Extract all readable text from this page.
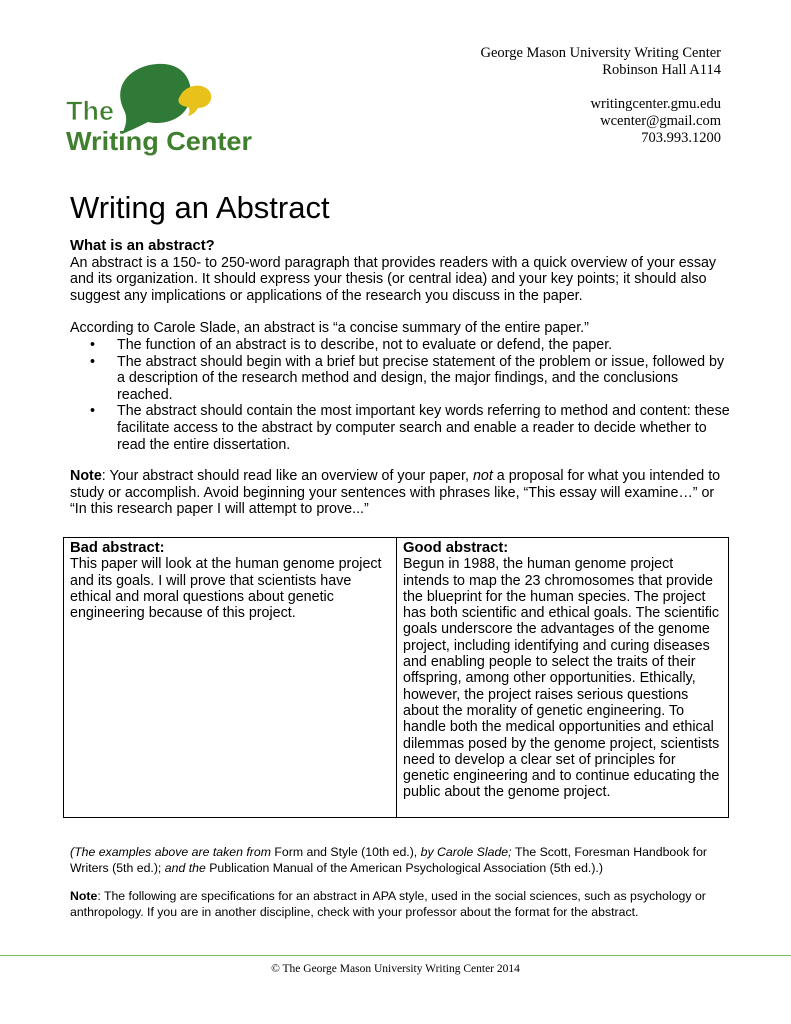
The
Writing Center
George Mason University Writing Center
Robinson Hall A114
writingcenter.gmu.edu
wcenter@gmail.com
703.993.1200
Writing an Abstract

What is an abstract?

An abstract is a 150- to 250-word paragraph that provides readers with a quick overview of your essay and its organization. It should express your thesis (or central idea) and your key points; it should also suggest any implications or applications of the research you discuss in the paper.

According to Carole Slade, an abstract is “a concise summary of the entire paper.”

• The function of an abstract is to describe, not to evaluate or defend, the paper.
• The abstract should begin with a brief but precise statement of the problem or issue, followed by a description of the research method and design, the major findings, and the conclusions reached.
• The abstract should contain the most important key words referring to method and content: these facilitate access to the abstract by computer search and enable a reader to decide whether to read the entire dissertation.

Note: Your abstract should read like an overview of your paper, not a proposal for what you intended to study or accomplish. Avoid beginning your sentences with phrases like, “This essay will examine…” or “In this research paper I will attempt to prove...”

Bad abstract:
This paper will look at the human genome project and its goals. I will prove that scientists have ethical and moral questions about genetic engineering because of this project.

Good abstract:
Begun in 1988, the human genome project intends to map the 23 chromosomes that provide the blueprint for the human species. The project has both scientific and ethical goals. The scientific goals underscore the advantages of the genome project, including identifying and curing diseases and enabling people to select the traits of their offspring, among other opportunities. Ethically, however, the project raises serious questions about the morality of genetic engineering. To handle both the medical opportunities and ethical dilemmas posed by the genome project, scientists need to develop a clear set of principles for genetic engineering and to continue educating the public about the genome project.

(The examples above are taken from Form and Style (10th ed.), by Carole Slade; The Scott, Foresman Handbook for Writers (5th ed.); and the Publication Manual of the American Psychological Association (5th ed.).)

Note: The following are specifications for an abstract in APA style, used in the social sciences, such as psychology or anthropology. If you are in another discipline, check with your professor about the format for the abstract.

© The George Mason University Writing Center 2014
